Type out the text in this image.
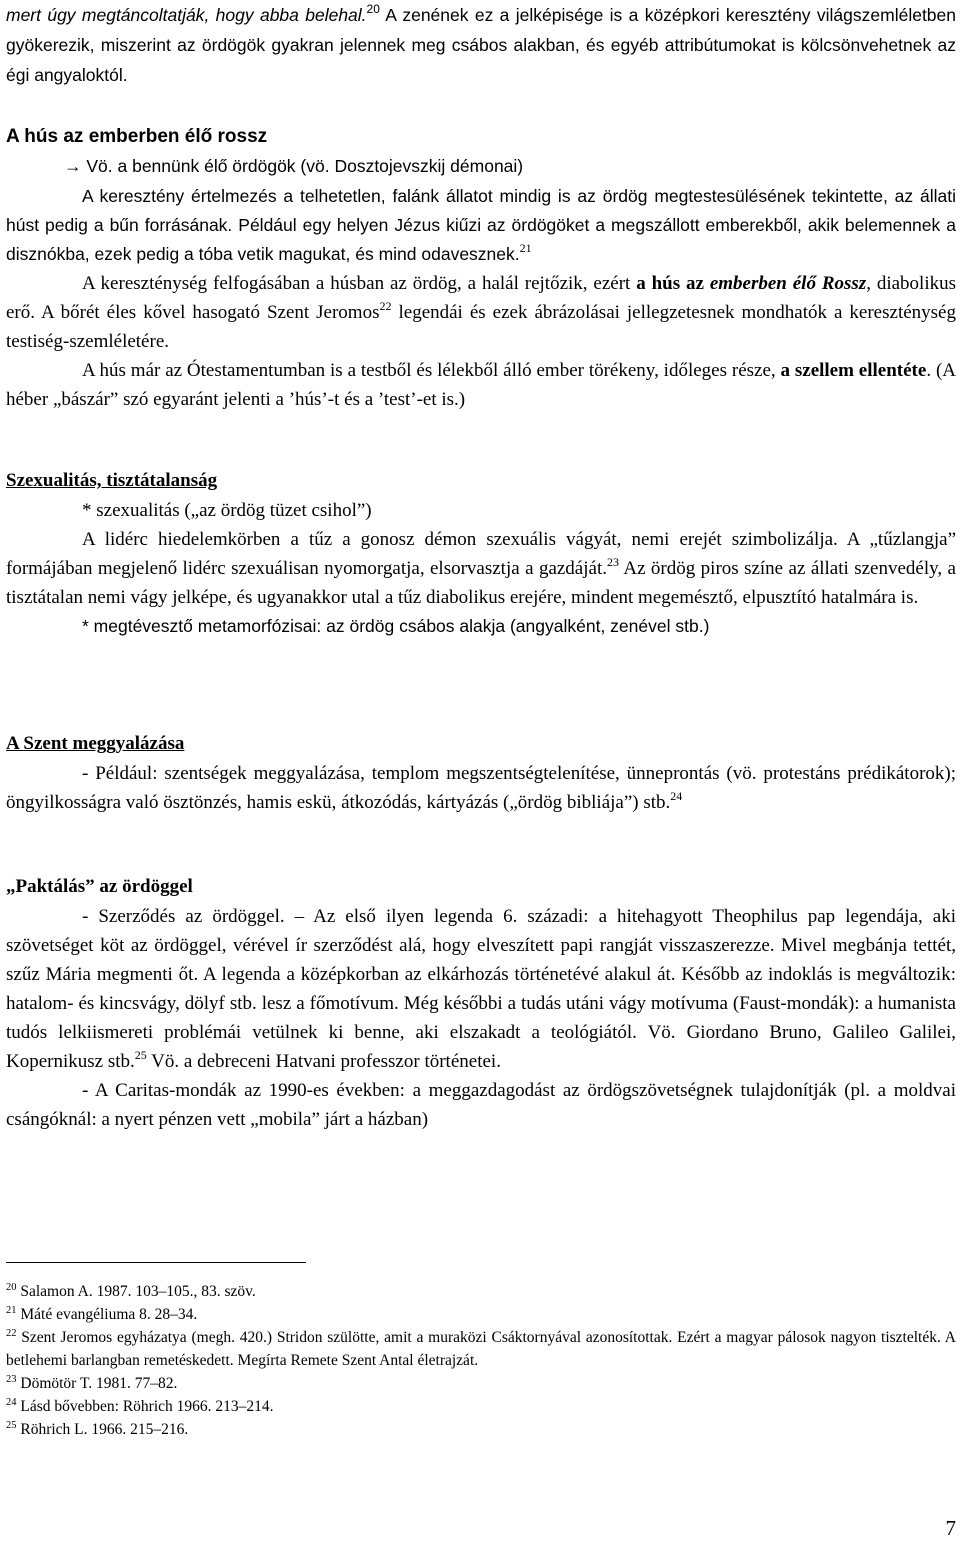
mert úgy megtáncoltatják, hogy abba belehal.$^{20}$ A zenének ez a jelképisége is a középkori keresztény világszemléletben gyökerezik, miszerint az ördögök gyakran jelennek meg csábos alakban, és egyéb attribútumokat is kölcsönvehetnek az égi angyaloktól.

A hús az emberben élő rossz

→ Vö. a bennünk élő ördögök (vö. Dosztojevszkij démonai)

A keresztény értelmezés a telhetetlen, falánk állatot mindig is az ördög megtestesülésének tekintette, az állati húst pedig a bűn forrásának. Például egy helyen Jézus kiűzi az ördögöket a megszállott emberekből, akik belemennek a disznókba, ezek pedig a tóba vetik magukat, és mind odavesznek.$^{21}$

A kereszténység felfogásában a húsban az ördög, a halál rejtőzik, ezért a hús az emberben élő Rossz, diabolikus erő. A bőrét éles kővel hasogató Szent Jeromos$^{22}$ legendái és ezek ábrázolásai jellegzetesnek mondhatók a kereszténység testiség-szemléletére.

A hús már az Ótestamentumban is a testből és lélekből álló ember törékeny, időleges része, a szellem ellentéte. (A héber „bászár” szó egyaránt jelenti a ’hús’-t és a ’test’-et is.)

Szexualitás, tisztátalanság

* szexualitás („az ördög tüzet csihol”)

A lidérc hiedelemkörben a tűz a gonosz démon szexuális vágyát, nemi erejét szimbolizálja. A „tűzlangja” formájában megjelenő lidérc szexuálisan nyomorgatja, elsorvasztja a gazdáját.$^{23}$ Az ördög piros színe az állati szenvedély, a tisztátalan nemi vágy jelképe, és ugyanakkor utal a tűz diabolikus erejére, mindent megemésztő, elpusztító hatalmára is.

* megtévesztő metamorfózisai: az ördög csábos alakja (angyalként, zenével stb.)

A Szent meggyalázása

- Például: szentségek meggyalázása, templom megszentségtelenítése, ünneprontás (vö. protestáns prédikátorok); öngyilkosságra való ösztönzés, hamis eskü, átkozódás, kártyázás („ördög bibliája”) stb.$^{24}$

„Paktálás” az ördöggel

- Szerződés az ördöggel. – Az első ilyen legenda 6. századi: a hitehagyott Theophilus pap legendája, aki szövetséget köt az ördöggel, vérével ír szerződést alá, hogy elveszített papi rangját visszaszerezze. Mivel megbánja tettét, szűz Mária megmenti őt. A legenda a középkorban az elkárhozás történetévé alakul át. Később az indoklás is megváltozik: hatalom- és kincsvágy, dölyf stb. lesz a főmotívum. Még későbbi a tudás utáni vágy motívuma (Faust-mondák): a humanista tudós lelkiismereti problémái vetülnek ki benne, aki elszakadt a teológiától. Vö. Giordano Bruno, Galileo Galilei, Kopernikusz stb.$^{25}$ Vö. a debreceni Hatvani professzor történetei.

- A Caritas-mondák az 1990-es években: a meggazdagodást az ördögszövetségnek tulajdonítják (pl. a moldvai csángóknál: a nyert pénzen vett „mobila” járt a házban)

$^{20}$ Salamon A. 1987. 103–105., 83. szöv.

$^{21}$ Máté evangéliuma 8. 28–34.

$^{22}$ Szent Jeromos egyházatya (megh. 420.) Stridon szülötte, amit a muraközi Csáktornyával azonosítottak. Ezért a magyar pálosok nagyon tisztelték. A betlehemi barlangban remetéskedett. Megírta Remete Szent Antal életrajzát.

$^{23}$ Dömötör T. 1981. 77–82.

$^{24}$ Lásd bővebben: Röhrich 1966. 213–214.

$^{25}$ Röhrich L. 1966. 215–216.

7
